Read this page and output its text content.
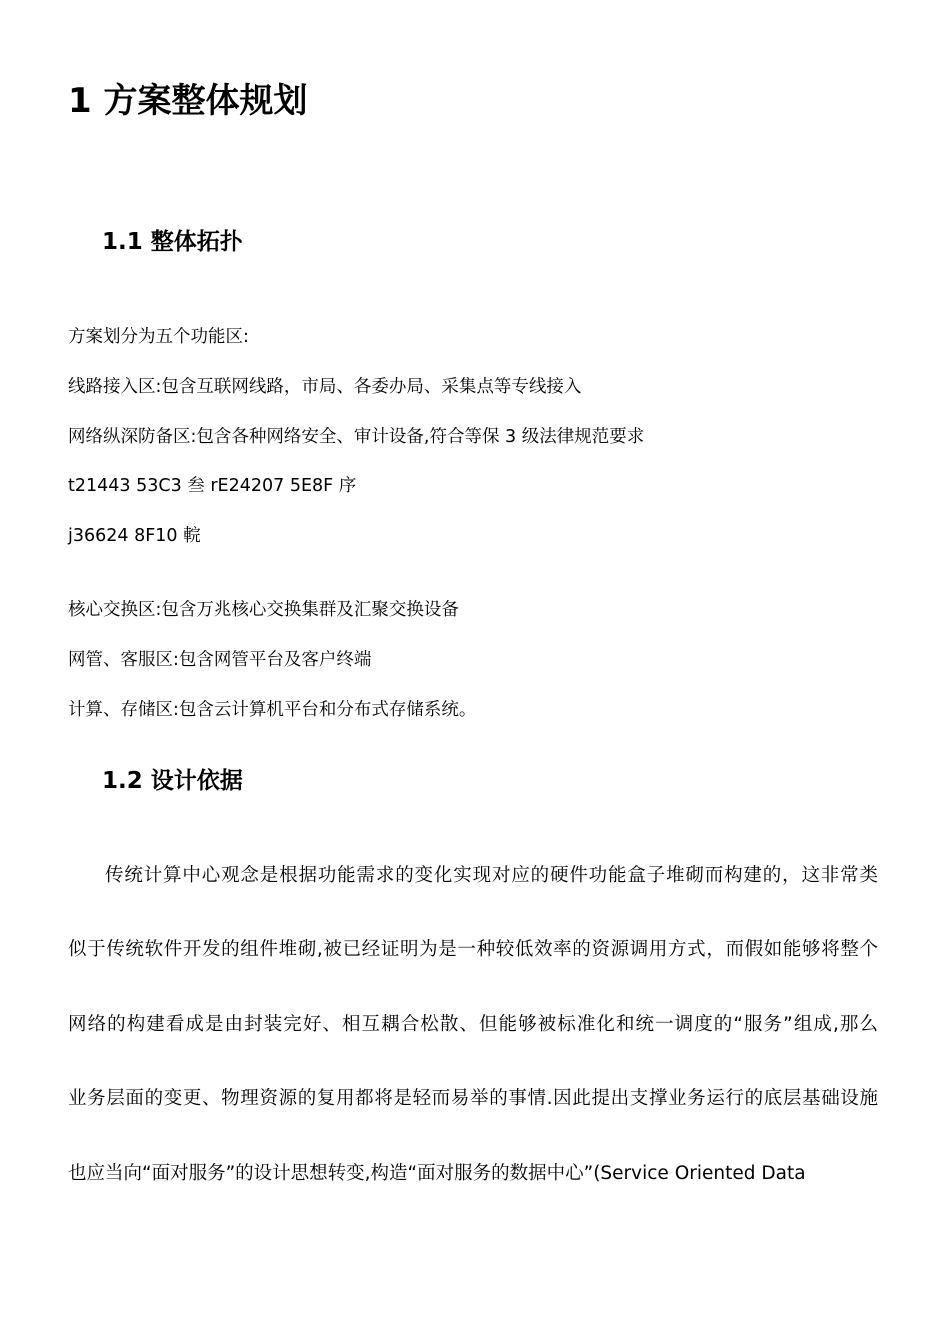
1 方案整体规划
1.1 整体拓扑
方案划分为五个功能区:
线路接入区:包含互联网线路，市局、各委办局、采集点等专线接入
网络纵深防备区:包含各种网络安全、审计设备,符合等保 3 级法律规范要求
t21443 53C3 叁 rE24207 5E8F 序
j36624 8F10 輐
核心交换区:包含万兆核心交换集群及汇聚交换设备
网管、客服区:包含网管平台及客户终端
计算、存储区:包含云计算机平台和分布式存储系统。
1.2 设计依据
传统计算中心观念是根据功能需求的变化实现对应的硬件功能盒子堆砌而构建的，这非常类
似于传统软件开发的组件堆砌,被已经证明为是一种较低效率的资源调用方式，而假如能够将整个
网络的构建看成是由封装完好、相互耦合松散、但能够被标准化和统一调度的“服务”组成,那么
业务层面的变更、物理资源的复用都将是轻而易举的事情.因此提出支撑业务运行的底层基础设施
也应当向“面对服务”的设计思想转变,构造“面对服务的数据中心”(Service Oriented Data
